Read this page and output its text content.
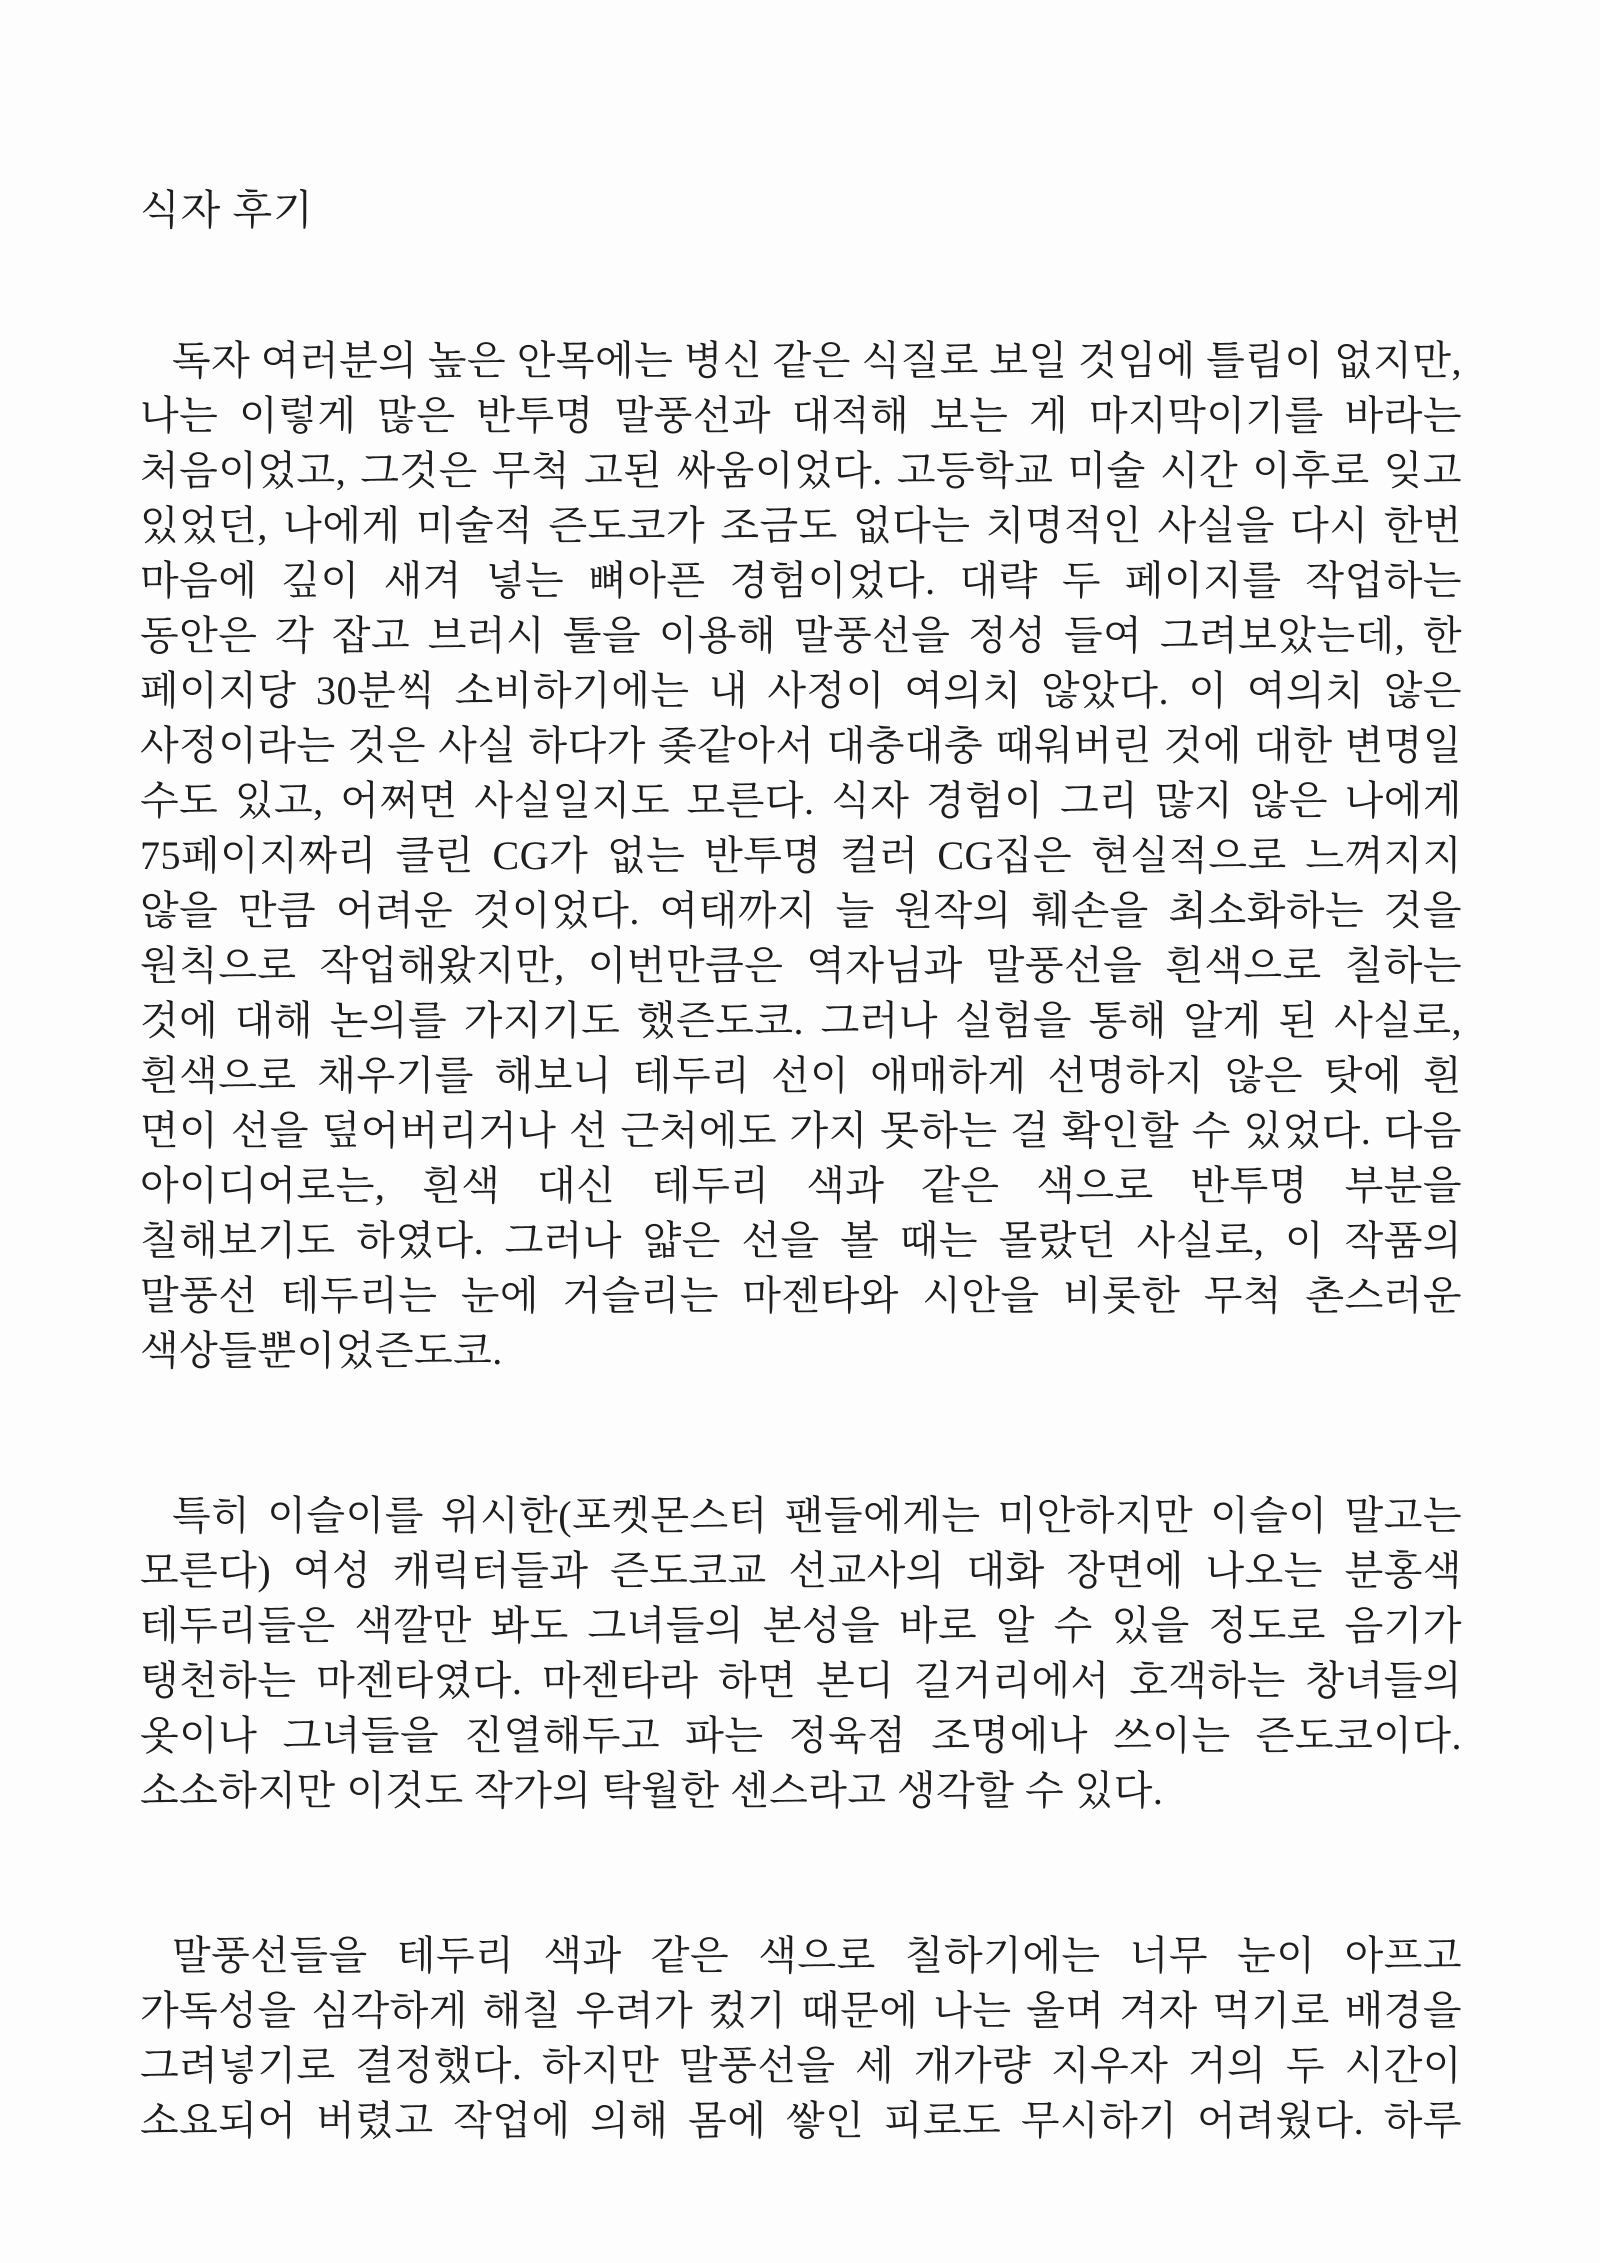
식자 후기
독자 여러분의 높은 안목에는 병신 같은 식질로 보일 것임에 틀림이 없지만,
나는 이렇게 많은 반투명 말풍선과 대적해 보는 게 마지막이기를 바라는
처음이었고, 그것은 무척 고된 싸움이었다. 고등학교 미술 시간 이후로 잊고
있었던, 나에게 미술적 즌도코가 조금도 없다는 치명적인 사실을 다시 한번
마음에 깊이 새겨 넣는 뼈아픈 경험이었다. 대략 두 페이지를 작업하는
동안은 각 잡고 브러시 툴을 이용해 말풍선을 정성 들여 그려보았는데, 한
페이지당 30분씩 소비하기에는 내 사정이 여의치 않았다. 이 여의치 않은
사정이라는 것은 사실 하다가 좆같아서 대충대충 때워버린 것에 대한 변명일
수도 있고, 어쩌면 사실일지도 모른다. 식자 경험이 그리 많지 않은 나에게
75페이지짜리 클린 CG가 없는 반투명 컬러 CG집은 현실적으로 느껴지지
않을 만큼 어려운 것이었다. 여태까지 늘 원작의 훼손을 최소화하는 것을
원칙으로 작업해왔지만, 이번만큼은 역자님과 말풍선을 흰색으로 칠하는
것에 대해 논의를 가지기도 했즌도코. 그러나 실험을 통해 알게 된 사실로,
흰색으로 채우기를 해보니 테두리 선이 애매하게 선명하지 않은 탓에 흰
면이 선을 덮어버리거나 선 근처에도 가지 못하는 걸 확인할 수 있었다. 다음
아이디어로는, 흰색 대신 테두리 색과 같은 색으로 반투명 부분을
칠해보기도 하였다. 그러나 얇은 선을 볼 때는 몰랐던 사실로, 이 작품의
말풍선 테두리는 눈에 거슬리는 마젠타와 시안을 비롯한 무척 촌스러운
색상들뿐이었즌도코.
특히 이슬이를 위시한(포켓몬스터 팬들에게는 미안하지만 이슬이 말고는
모른다) 여성 캐릭터들과 즌도코교 선교사의 대화 장면에 나오는 분홍색
테두리들은 색깔만 봐도 그녀들의 본성을 바로 알 수 있을 정도로 음기가
탱천하는 마젠타였다. 마젠타라 하면 본디 길거리에서 호객하는 창녀들의
옷이나 그녀들을 진열해두고 파는 정육점 조명에나 쓰이는 즌도코이다.
소소하지만 이것도 작가의 탁월한 센스라고 생각할 수 있다.
말풍선들을 테두리 색과 같은 색으로 칠하기에는 너무 눈이 아프고
가독성을 심각하게 해칠 우려가 컸기 때문에 나는 울며 겨자 먹기로 배경을
그려넣기로 결정했다. 하지만 말풍선을 세 개가량 지우자 거의 두 시간이
소요되어 버렸고 작업에 의해 몸에 쌓인 피로도 무시하기 어려웠다. 하루
